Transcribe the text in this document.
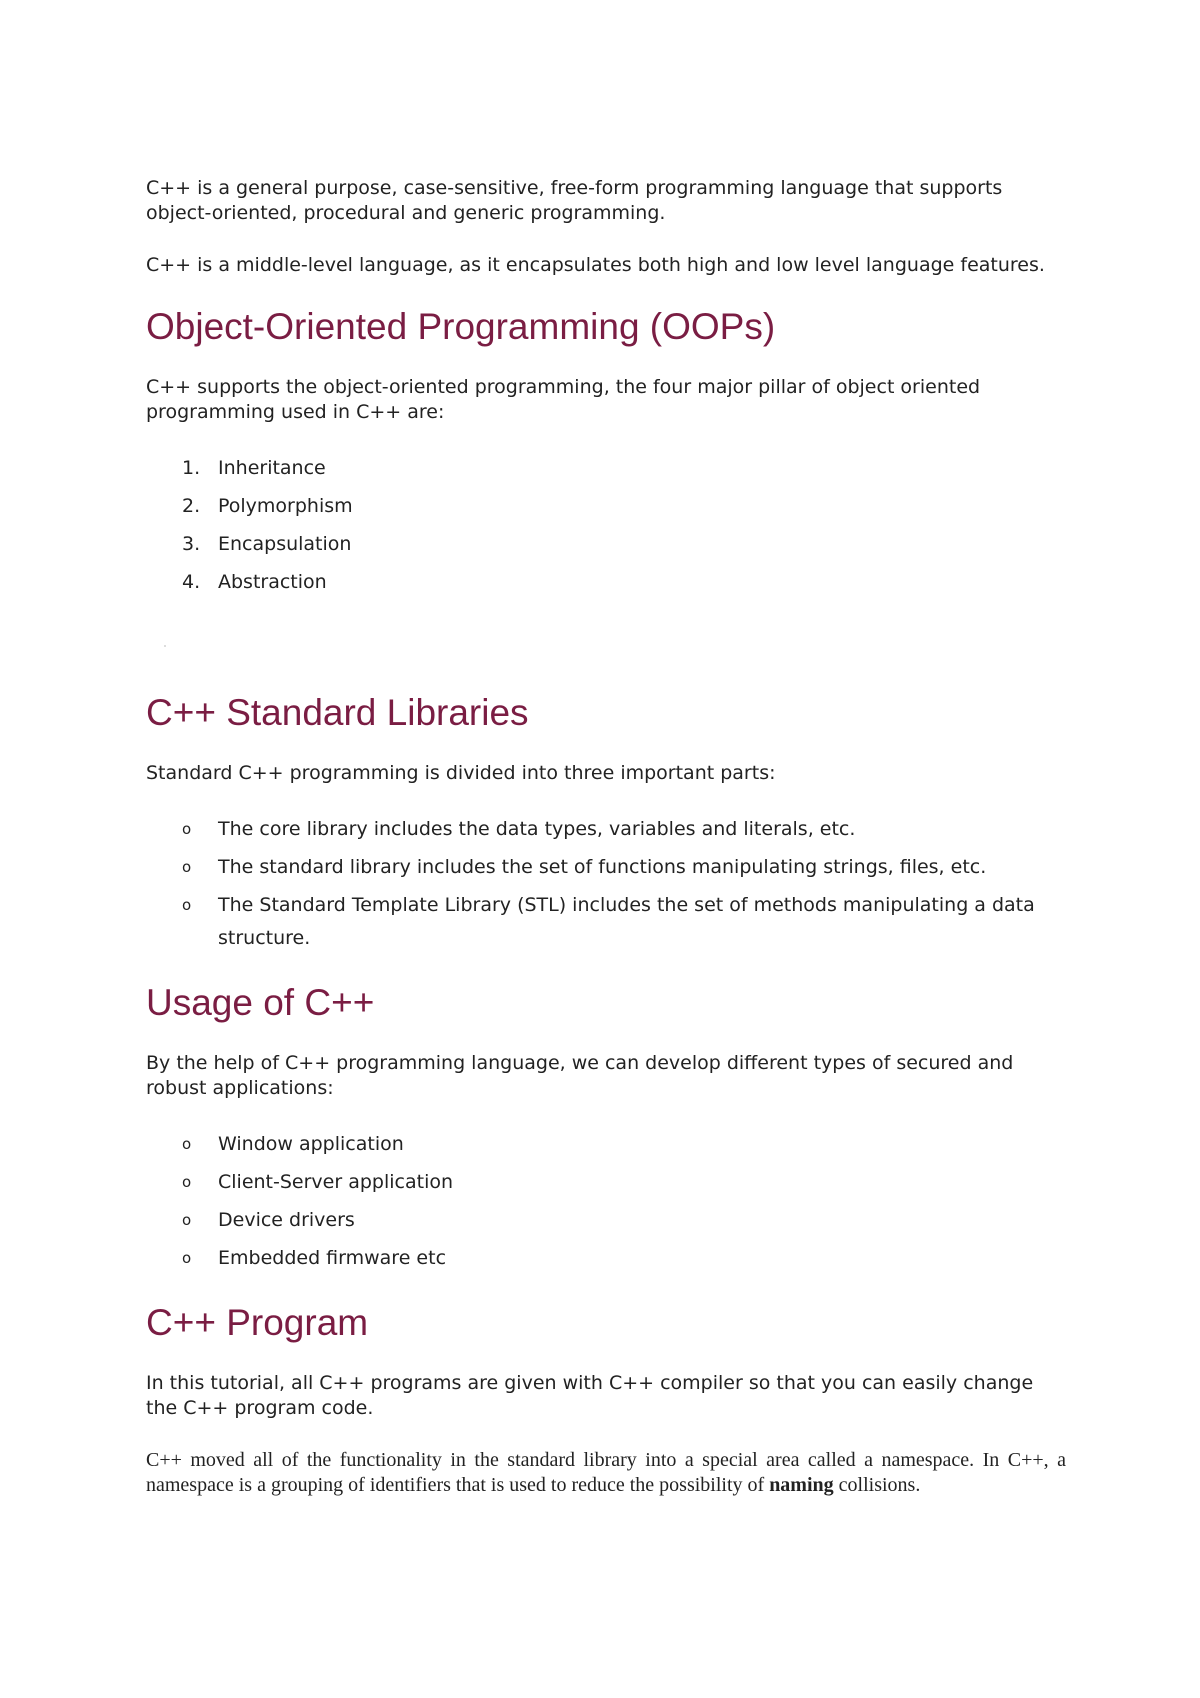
C++ is a general purpose, case-sensitive, free-form programming language that supports object-oriented, procedural and generic programming.

C++ is a middle-level language, as it encapsulates both high and low level language features.

Object-Oriented Programming (OOPs)

C++ supports the object-oriented programming, the four major pillar of object oriented programming used in C++ are:

1. Inheritance
2. Polymorphism
3. Encapsulation
4. Abstraction
C++ Standard Libraries

Standard C++ programming is divided into three important parts:

o The core library includes the data types, variables and literals, etc.
o The standard library includes the set of functions manipulating strings, files, etc.
o The Standard Template Library (STL) includes the set of methods manipulating a data structure.
Usage of C++

By the help of C++ programming language, we can develop different types of secured and robust applications:

o Window application
o Client-Server application
o Device drivers
o Embedded firmware etc
C++ Program

In this tutorial, all C++ programs are given with C++ compiler so that you can easily change the C++ program code.

C++ moved all of the functionality in the standard library into a special area called a namespace. In C++, a namespace is a grouping of identifiers that is used to reduce the possibility of naming collisions.
